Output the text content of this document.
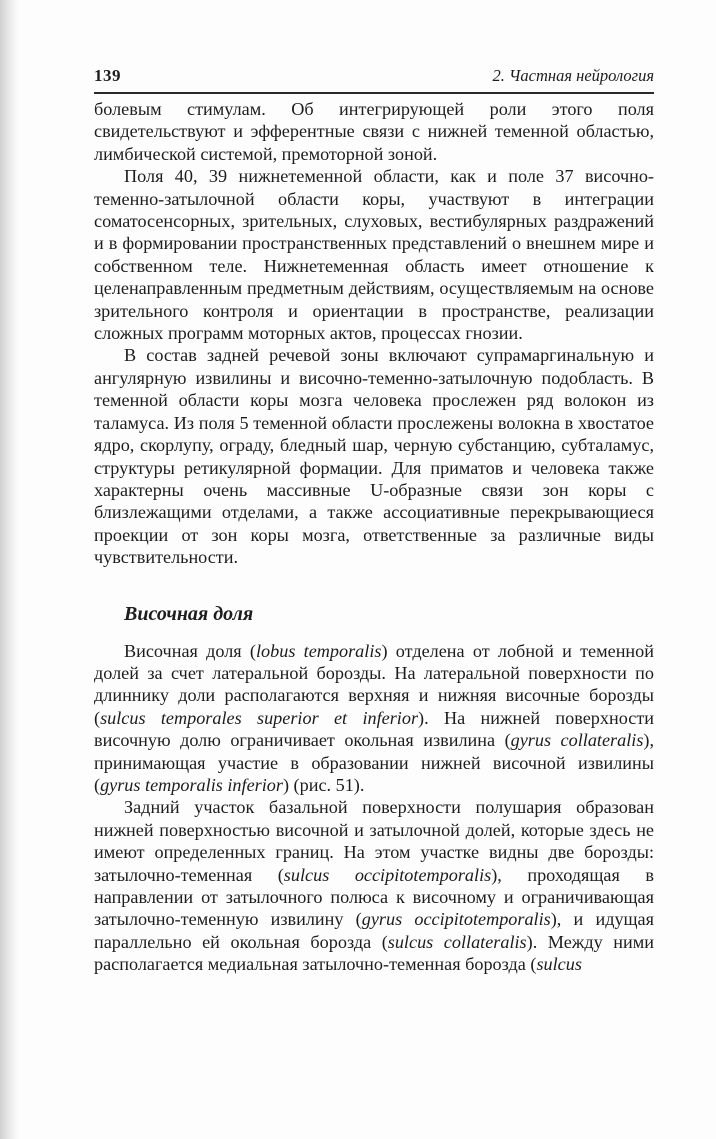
139	2. Частная нейрология

болевым стимулам. Об интегрирующей роли этого поля свидетельствуют и эфферентные связи с нижней теменной областью, лимбической системой, премоторной зоной.

Поля 40, 39 нижнетеменной области, как и поле 37 височно-теменно-затылочной области коры, участвуют в интеграции соматосенсорных, зрительных, слуховых, вестибулярных раздражений и в формировании пространственных представлений о внешнем мире и собственном теле. Нижнетеменная область имеет отношение к целенаправленным предметным действиям, осуществляемым на основе зрительного контроля и ориентации в пространстве, реализации сложных программ моторных актов, процессах гнозии.

В состав задней речевой зоны включают супрамаргинальную и ангулярную извилины и височно-теменно-затылочную подобласть. В теменной области коры мозга человека прослежен ряд волокон из таламуса. Из поля 5 теменной области прослежены волокна в хвостатое ядро, скорлупу, ограду, бледный шар, черную субстанцию, субталамус, структуры ретикулярной формации. Для приматов и человека также характерны очень массивные U-образные связи зон коры с близлежащими отделами, а также ассоциативные перекрывающиеся проекции от зон коры мозга, ответственные за различные виды чувствительности.

Височная доля

Височная доля (lobus temporalis) отделена от лобной и теменной долей за счет латеральной борозды. На латеральной поверхности по длиннику доли располагаются верхняя и нижняя височные борозды (sulcus temporales superior et inferior). На нижней поверхности височную долю ограничивает окольная извилина (gyrus collateralis), принимающая участие в образовании нижней височной извилины (gyrus temporalis inferior) (рис. 51).

Задний участок базальной поверхности полушария образован нижней поверхностью височной и затылочной долей, которые здесь не имеют определенных границ. На этом участке видны две борозды: затылочно-теменная (sulcus occipitotemporalis), проходящая в направлении от затылочного полюса к височному и ограничивающая затылочно-теменную извилину (gyrus occipitotemporalis), и идущая параллельно ей окольная борозда (sulcus collateralis). Между ними располагается медиальная затылочно-теменная борозда (sulcus
